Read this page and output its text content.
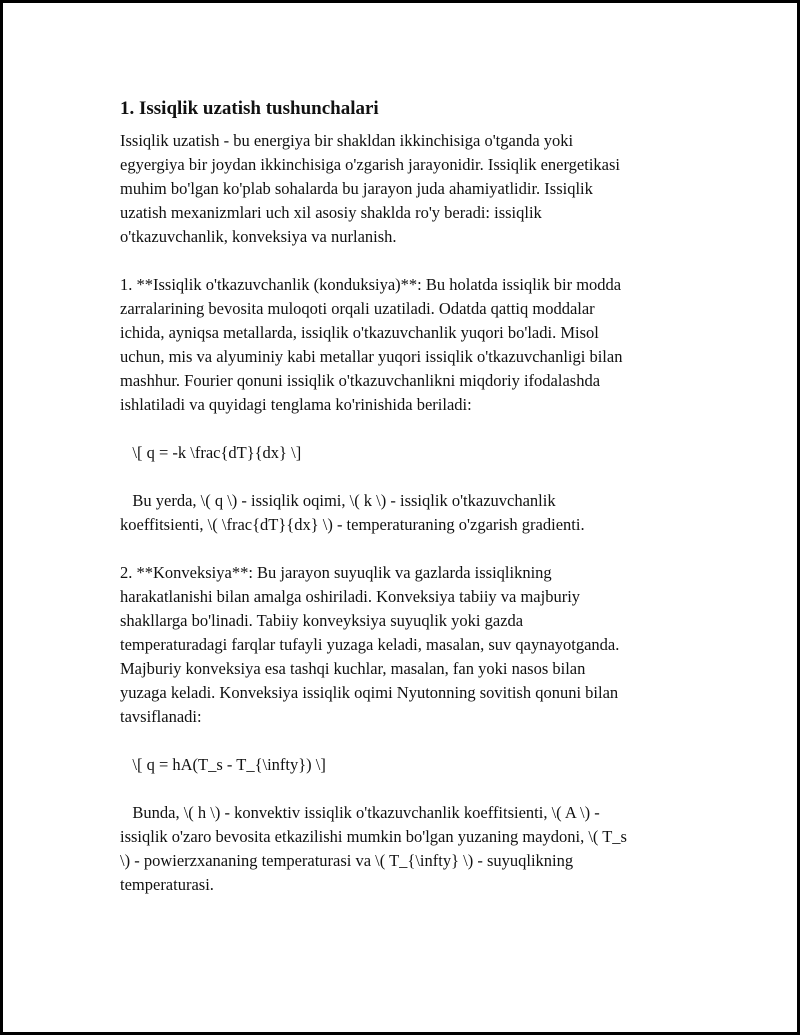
1. Issiqlik uzatish tushunchalari
Issiqlik uzatish - bu energiya bir shakldan ikkinchisiga o'tganda yoki
egyergiya bir joydan ikkinchisiga o'zgarish jarayonidir. Issiqlik energetikasi
muhim bo'lgan ko'plab sohalarda bu jarayon juda ahamiyatlidir. Issiqlik
uzatish mexanizmlari uch xil asosiy shaklda ro'y beradi: issiqlik
o'tkazuvchanlik, konveksiya va nurlanish.
1. **Issiqlik o'tkazuvchanlik (konduksiya)**: Bu holatda issiqlik bir modda
zarralarining bevosita muloqoti orqali uzatiladi. Odatda qattiq moddalar
ichida, ayniqsa metallarda, issiqlik o'tkazuvchanlik yuqori bo'ladi. Misol
uchun, mis va alyuminiy kabi metallar yuqori issiqlik o'tkazuvchanligi bilan
mashhur. Fourier qonuni issiqlik o'tkazuvchanlikni miqdoriy ifodalashda
ishlatiladi va quyidagi tenglama ko'rinishida beriladi:
\[ q = -k \frac{dT}{dx} \]
Bu yerda, \( q \) - issiqlik oqimi, \( k \) - issiqlik o'tkazuvchanlik
koeffitsienti, \( \frac{dT}{dx} \) - temperaturaning o'zgarish gradienti.
2. **Konveksiya**: Bu jarayon suyuqlik va gazlarda issiqlikning
harakatlanishi bilan amalga oshiriladi. Konveksiya tabiiy va majburiy
shakllarga bo'linadi. Tabiiy konveyksiya suyuqlik yoki gazda
temperaturadagi farqlar tufayli yuzaga keladi, masalan, suv qaynayotganda.
Majburiy konveksiya esa tashqi kuchlar, masalan, fan yoki nasos bilan
yuzaga keladi. Konveksiya issiqlik oqimi Nyutonning sovitish qonuni bilan
tavsiflanadi:
\[ q = hA(T_s - T_{\infty}) \]
Bunda, \( h \) - konvektiv issiqlik o'tkazuvchanlik koeffitsienti, \( A \) -
issiqlik o'zaro bevosita etkazilishi mumkin bo'lgan yuzaning maydoni, \( T_s
\) - powierzxananing temperaturasi va \( T_{\infty} \) - suyuqlikning
temperaturasi.
